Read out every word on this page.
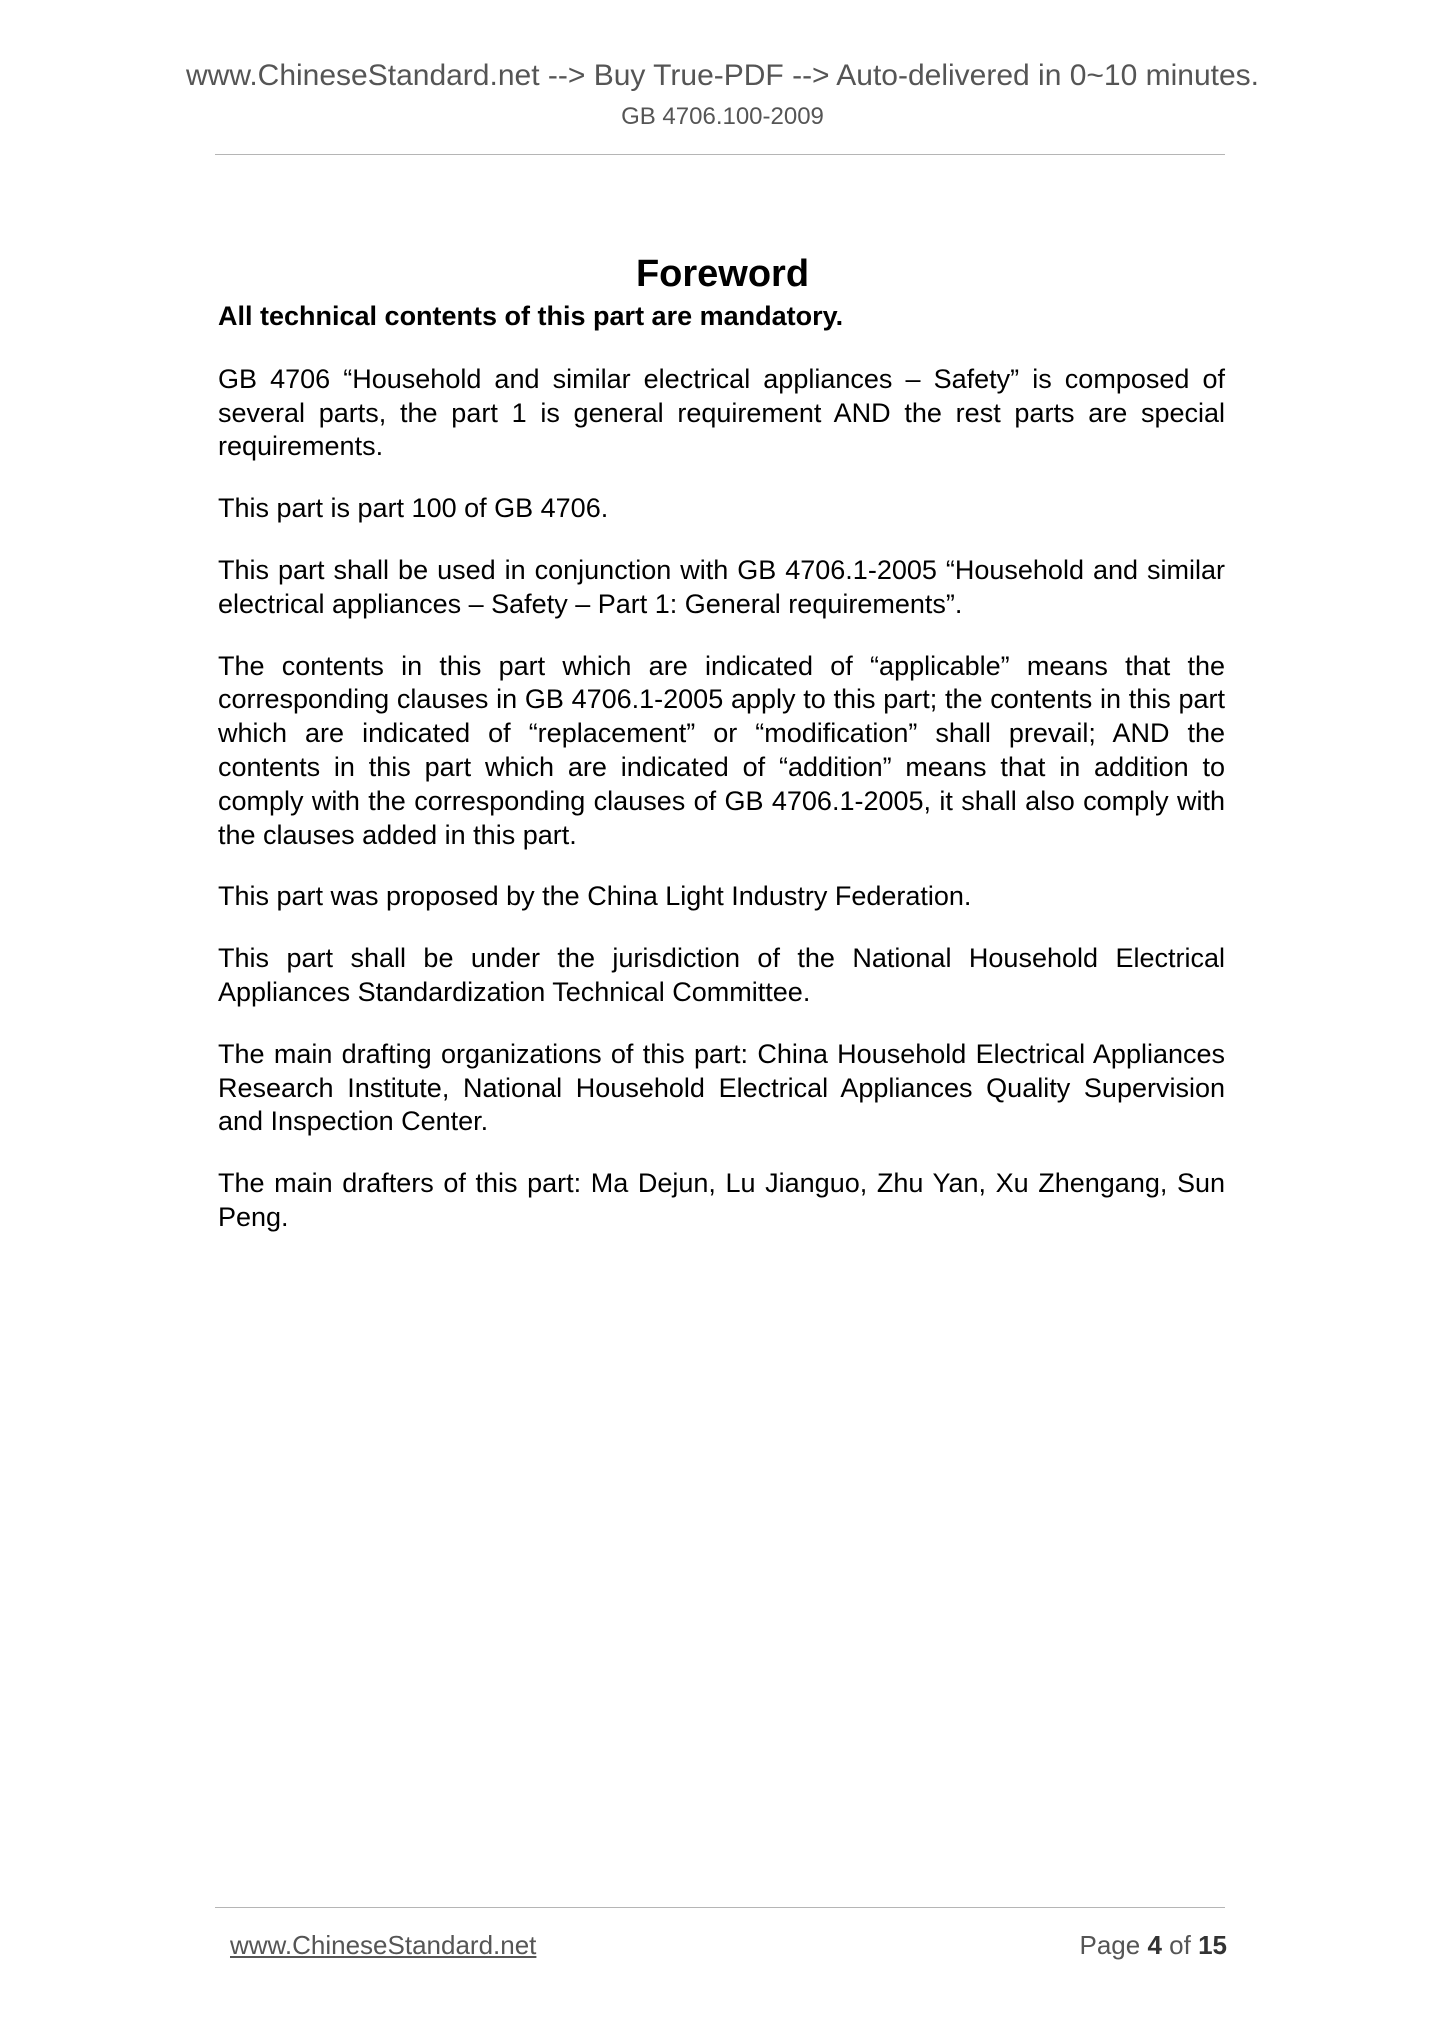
www.ChineseStandard.net --> Buy True-PDF --> Auto-delivered in 0~10 minutes.
GB 4706.100-2009
Foreword

All technical contents of this part are mandatory.

GB 4706 “Household and similar electrical appliances – Safety” is composed of several parts, the part 1 is general requirement AND the rest parts are special requirements.

This part is part 100 of GB 4706.

This part shall be used in conjunction with GB 4706.1-2005 “Household and similar electrical appliances – Safety – Part 1: General requirements”.

The contents in this part which are indicated of “applicable” means that the corresponding clauses in GB 4706.1-2005 apply to this part; the contents in this part which are indicated of “replacement” or “modification” shall prevail; AND the contents in this part which are indicated of “addition” means that in addition to comply with the corresponding clauses of GB 4706.1-2005, it shall also comply with the clauses added in this part.

This part was proposed by the China Light Industry Federation.

This part shall be under the jurisdiction of the National Household Electrical Appliances Standardization Technical Committee.

The main drafting organizations of this part: China Household Electrical Appliances Research Institute, National Household Electrical Appliances Quality Supervision and Inspection Center.

The main drafters of this part: Ma Dejun, Lu Jianguo, Zhu Yan, Xu Zhengang, Sun Peng.

www.ChineseStandard.net	Page 4 of 15
